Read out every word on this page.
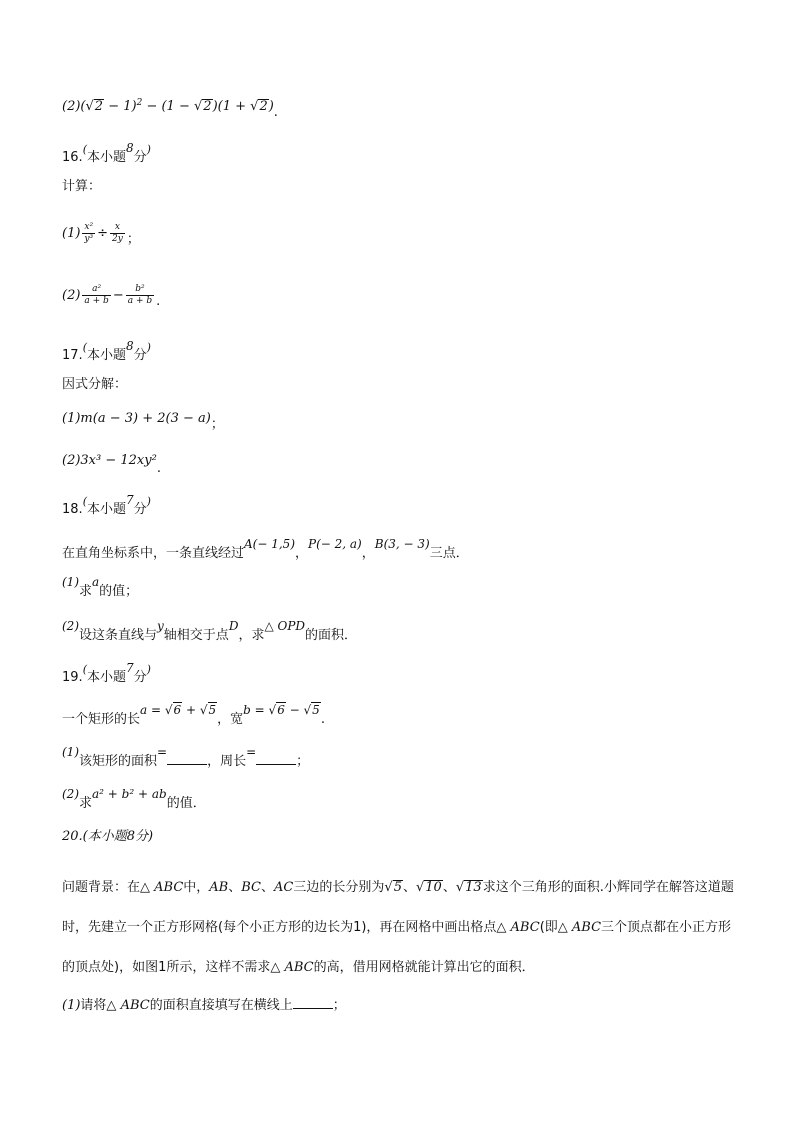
$(2)(√2 - 1)^2 - (1 - √2)(1 + √2)$.
16.(本小题8分)
计算：
$(1) \frac{\text{x²}}{\text{y³}} \div \frac{x}{2y}$ ；
$(2) \frac{\text{a²}}{a + b} - \frac{\text{b²}}{a + b}$ .
17.(本小题8分)
因式分解：
(1)m(a − 3) + 2(3 − a)；
(2)3x³ − 12xy².
18.(本小题7分)
在直角坐标系中，一条直线经过A(− 1,5)，P(− 2, a)，B(3, − 3)三点．
(1)求a的值；
(2)设这条直线与y轴相交于点D，求△ OPD的面积．
19.(本小题7分)
一个矩形的长a = √6 + √5，宽b = √6 − √5.
(1)该矩形的面积=，周长=；
(2)求a² + b² + ab的值．
20.(本小题8分)
问题背景：在△ ABC中，AB、BC、AC三边的长分别为√5、√10、√13求这个三角形的面积.小辉同学在解答这道题时，先建立一个正方形网格(每个小正方形的边长为1)，再在网格中画出格点△ ABC(即△ ABC三个顶点都在小正方形的顶点处)，如图1所示，这样不需求△ ABC的高，借用网格就能计算出它的面积．
(1)请将△ ABC的面积直接填写在横线上	；
